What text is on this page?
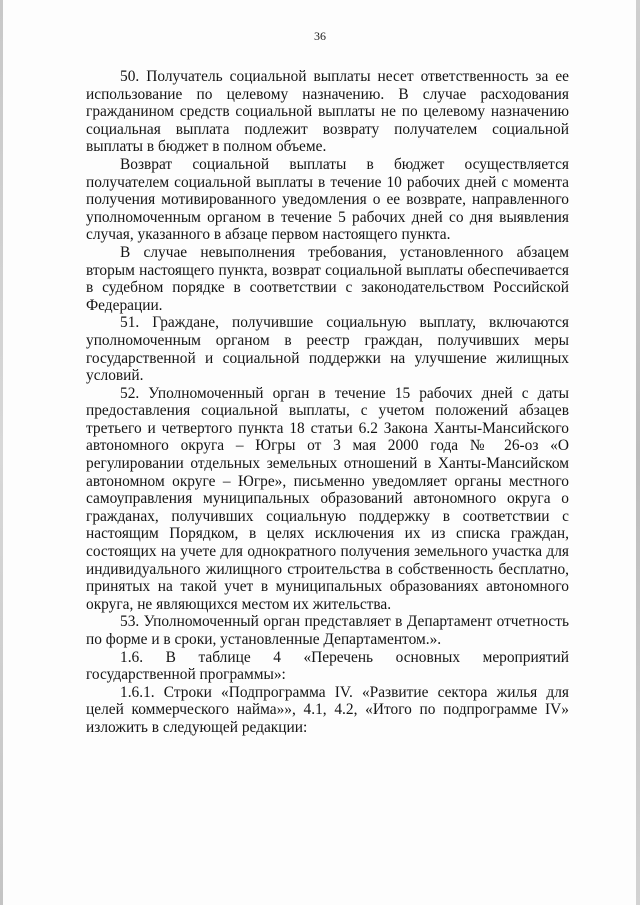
36

50. Получатель социальной выплаты несет ответственность за ее использование по целевому назначению. В случае расходования гражданином средств социальной выплаты не по целевому назначению социальная выплата подлежит возврату получателем социальной выплаты в бюджет в полном объеме.

Возврат социальной выплаты в бюджет осуществляется получателем социальной выплаты в течение 10 рабочих дней с момента получения мотивированного уведомления о ее возврате, направленного уполномоченным органом в течение 5 рабочих дней со дня выявления случая, указанного в абзаце первом настоящего пункта.

В случае невыполнения требования, установленного абзацем вторым настоящего пункта, возврат социальной выплаты обеспечивается в судебном порядке в соответствии с законодательством Российской Федерации.

51. Граждане, получившие социальную выплату, включаются уполномоченным органом в реестр граждан, получивших меры государственной и социальной поддержки на улучшение жилищных условий.

52. Уполномоченный орган в течение 15 рабочих дней с даты предоставления социальной выплаты, с учетом положений абзацев третьего и четвертого пункта 18 статьи 6.2 Закона Ханты-Мансийского автономного округа – Югры от 3 мая 2000 года № 26-оз «О регулировании отдельных земельных отношений в Ханты-Мансийском автономном округе – Югре», письменно уведомляет органы местного самоуправления муниципальных образований автономного округа о гражданах, получивших социальную поддержку в соответствии с настоящим Порядком, в целях исключения их из списка граждан, состоящих на учете для однократного получения земельного участка для индивидуального жилищного строительства в собственность бесплатно, принятых на такой учет в муниципальных образованиях автономного округа, не являющихся местом их жительства.

53. Уполномоченный орган представляет в Департамент отчетность по форме и в сроки, установленные Департаментом.».

1.6. В таблице 4 «Перечень основных мероприятий государственной программы»:

1.6.1. Строки «Подпрограмма IV. «Развитие сектора жилья для целей коммерческого найма»», 4.1, 4.2, «Итого по подпрограмме IV» изложить в следующей редакции:
